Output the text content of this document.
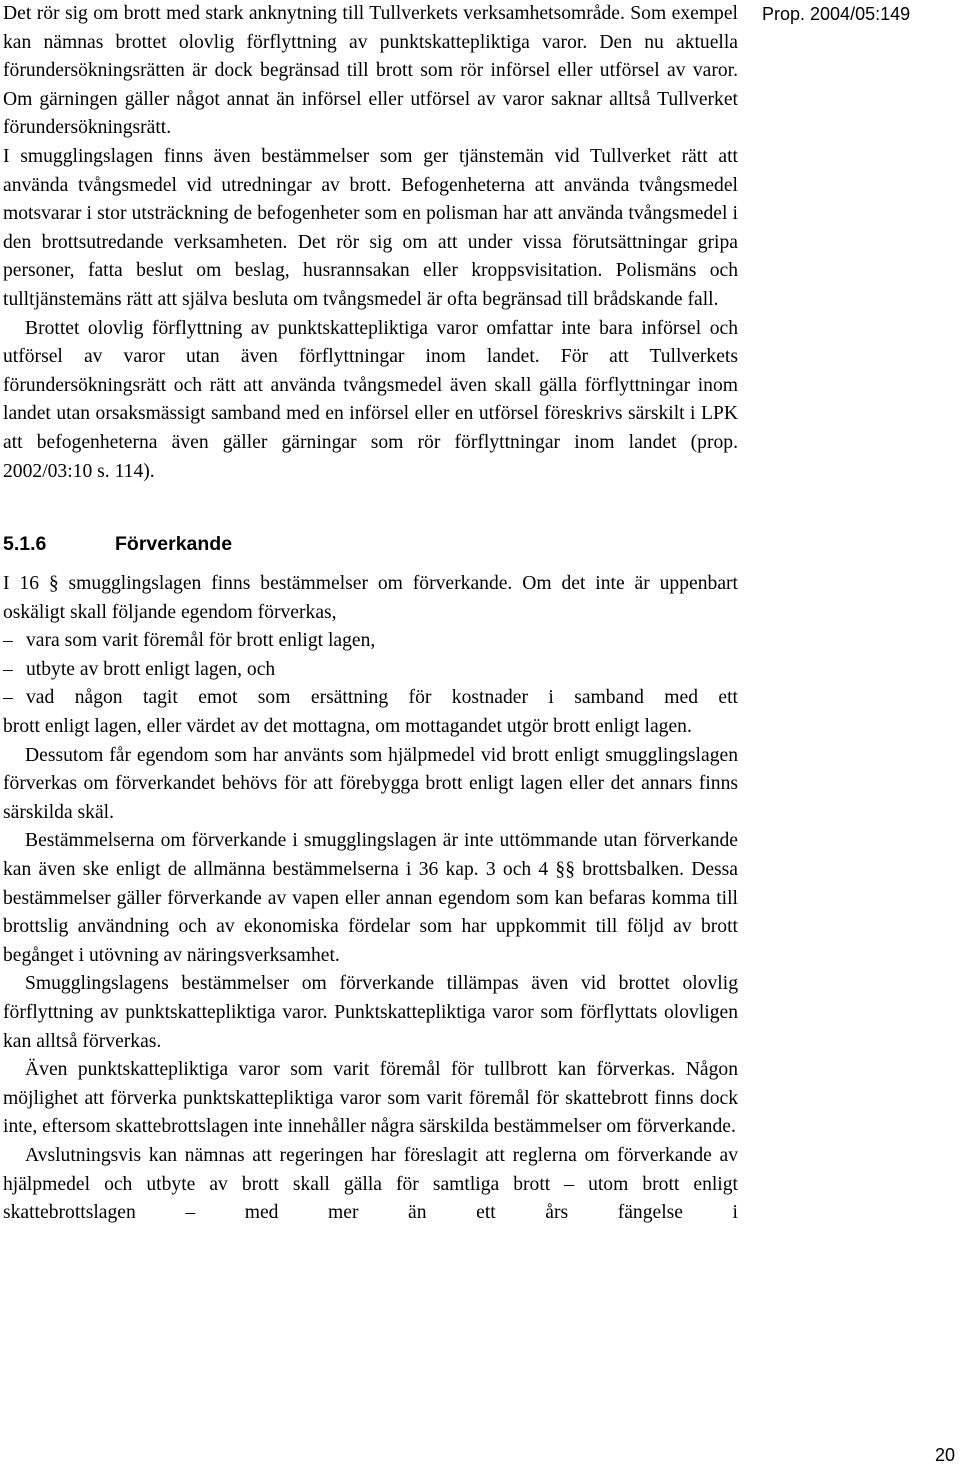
Det rör sig om brott med stark anknytning till Tullverkets verksamhetsområde. Som exempel kan nämnas brottet olovlig förflyttning av punktskattepliktiga varor. Den nu aktuella förundersökningsrätten är dock begränsad till brott som rör införsel eller utförsel av varor. Om gärningen gäller något annat än införsel eller utförsel av varor saknar alltså Tullverket förundersökningsrätt.

I smugglingslagen finns även bestämmelser som ger tjänstemän vid Tullverket rätt att använda tvångsmedel vid utredningar av brott. Befogenheterna att använda tvångsmedel motsvarar i stor utsträckning de befogenheter som en polisman har att använda tvångsmedel i den brottsutredande verksamheten. Det rör sig om att under vissa förutsättningar gripa personer, fatta beslut om beslag, husrannsakan eller kroppsvisitation. Polismäns och tulltjänstemäns rätt att själva besluta om tvångsmedel är ofta begränsad till brådskande fall.

Brottet olovlig förflyttning av punktskattepliktiga varor omfattar inte bara införsel och utförsel av varor utan även förflyttningar inom landet. För att Tullverkets förundersökningsrätt och rätt att använda tvångsmedel även skall gälla förflyttningar inom landet utan orsaksmässigt samband med en införsel eller en utförsel föreskrivs särskilt i LPK att befogenheterna även gäller gärningar som rör förflyttningar inom landet (prop. 2002/03:10 s. 114).

5.1.6	Förverkande

I 16 § smugglingslagen finns bestämmelser om förverkande. Om det inte är uppenbart oskäligt skall följande egendom förverkas,

– vara som varit föremål för brott enligt lagen,
– utbyte av brott enligt lagen, och
– vad någon tagit emot som ersättning för kostnader i samband med ett

brott enligt lagen, eller värdet av det mottagna, om mottagandet utgör brott enligt lagen.

Dessutom får egendom som har använts som hjälpmedel vid brott enligt smugglingslagen förverkas om förverkandet behövs för att förebygga brott enligt lagen eller det annars finns särskilda skäl.

Bestämmelserna om förverkande i smugglingslagen är inte uttömmande utan förverkande kan även ske enligt de allmänna bestämmelserna i 36 kap. 3 och 4 §§ brottsbalken. Dessa bestämmelser gäller förverkande av vapen eller annan egendom som kan befaras komma till brottslig användning och av ekonomiska fördelar som har uppkommit till följd av brott begånget i utövning av näringsverksamhet.

Smugglingslagens bestämmelser om förverkande tillämpas även vid brottet olovlig förflyttning av punktskattepliktiga varor. Punktskattepliktiga varor som förflyttats olovligen kan alltså förverkas.

Även punktskattepliktiga varor som varit föremål för tullbrott kan förverkas. Någon möjlighet att förverka punktskattepliktiga varor som varit föremål för skattebrott finns dock inte, eftersom skattebrottslagen inte innehåller några särskilda bestämmelser om förverkande.

Avslutningsvis kan nämnas att regeringen har föreslagit att reglerna om förverkande av hjälpmedel och utbyte av brott skall gälla för samtliga brott – utom brott enligt skattebrottslagen – med mer än ett års fängelse i

Prop. 2004/05:149
20
